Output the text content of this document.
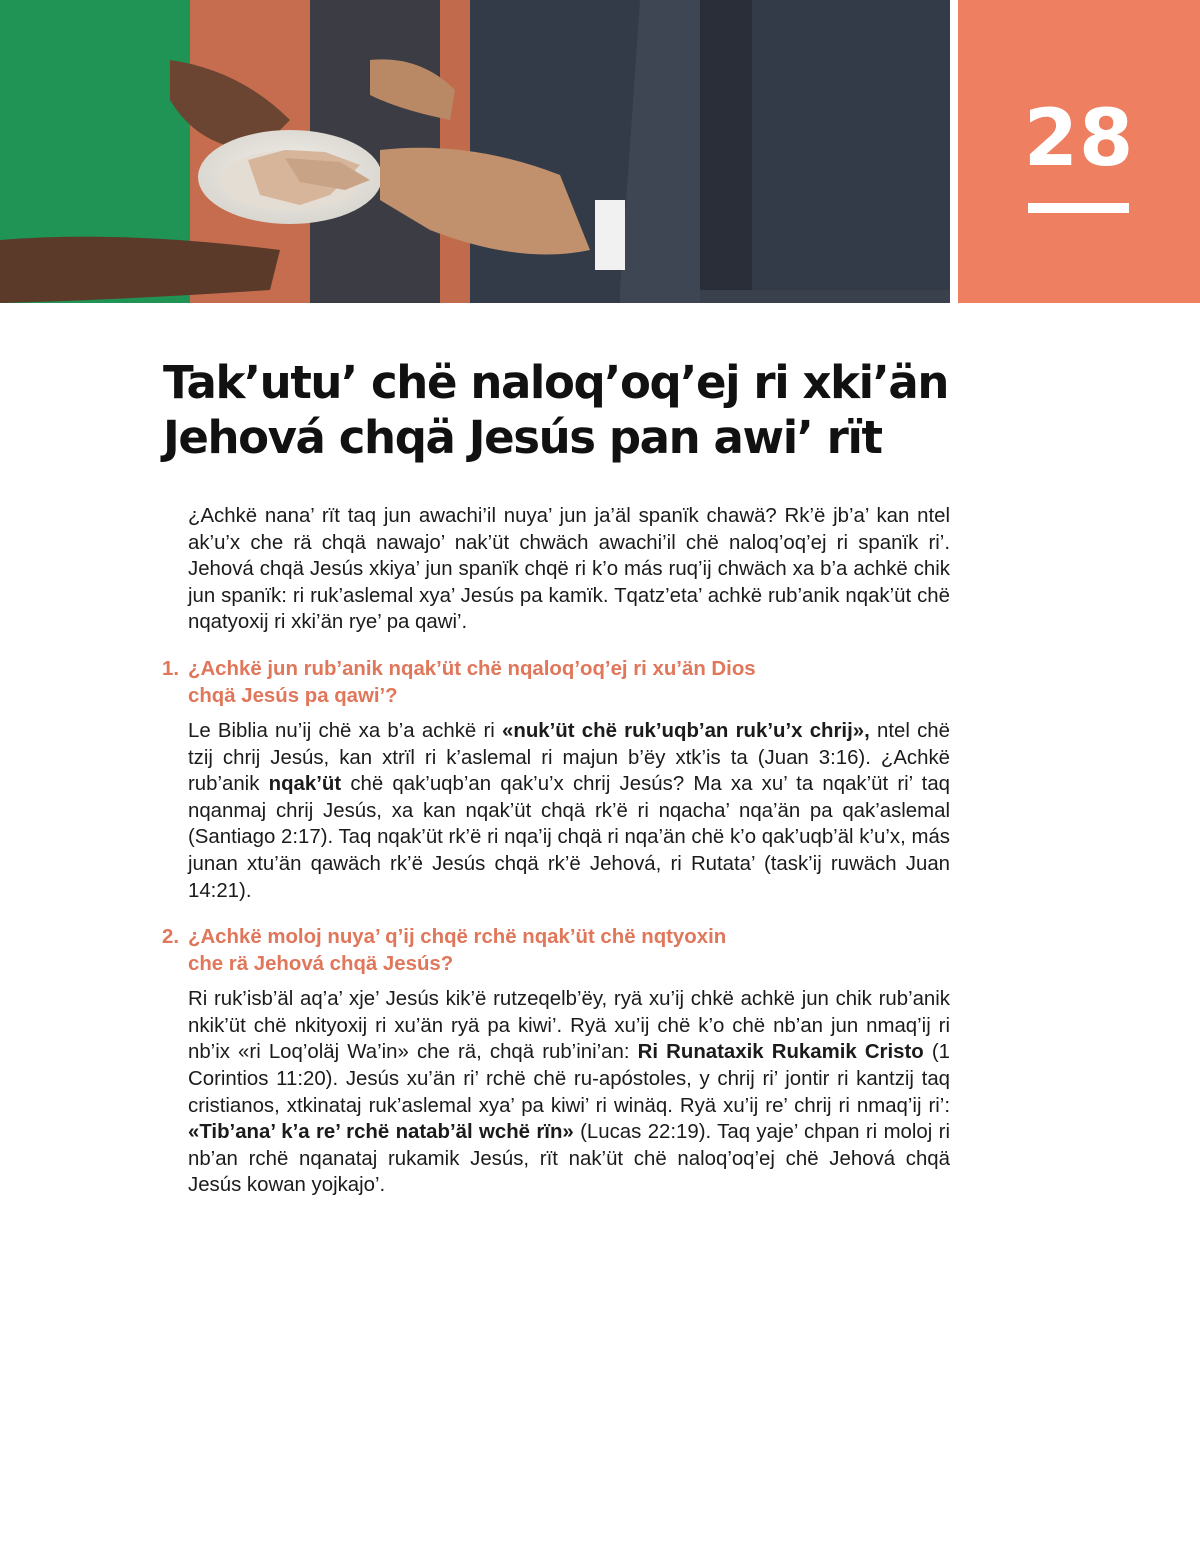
28
Tak’utu’ chë naloq’oq’ej ri xki’än
Jehová chqä Jesús pan awi’ rït

¿Achkë nana’ rït taq jun awachi’il nuya’ jun ja’äl spanïk chawä? Rk’ë jb’a’ kan ntel ak’u’x che rä chqä nawajo’ nak’üt chwäch awachi’il chë naloq’oq’ej ri spanïk ri’. Jehová chqä Jesús xkiya’ jun spanïk chqë ri k’o más ruq’ij chwäch xa b’a achkë chik jun spanïk: ri ruk’aslemal xya’ Jesús pa kamïk. Tqatz’eta’ achkë rub’anik nqak’üt chë nqatyoxij ri xki’än rye’ pa qawi’.

1. ¿Achkë jun rub’anik nqak’üt chë nqaloq’oq’ej ri xu’än Dios
chqä Jesús pa qawi’?

Le Biblia nu’ij chë xa b’a achkë ri «nuk’üt chë ruk’uqb’an ruk’u’x chrij», ntel chë tzij chrij Jesús, kan xtrïl ri k’aslemal ri majun b’ëy xtk’is ta (Juan 3:16). ¿Achkë rub’anik nqak’üt chë qak’uqb’an qak’u’x chrij Jesús? Ma xa xu’ ta nqak’üt ri’ taq nqanmaj chrij Jesús, xa kan nqak’üt chqä rk’ë ri nqacha’ nqa’än pa qak’aslemal (Santiago 2:17). Taq nqak’üt rk’ë ri nqa’ij chqä ri nqa’än chë k’o qak’uqb’äl k’u’x, más junan xtu’än qawäch rk’ë Jesús chqä rk’ë Jehová, ri Rutata’ (task’ij ruwäch Juan 14:21).

2. ¿Achkë moloj nuya’ q’ij chqë rchë nqak’üt chë nqtyoxin
che rä Jehová chqä Jesús?

Ri ruk’isb’äl aq’a’ xje’ Jesús kik’ë rutzeqelb’ëy, ryä xu’ij chkë achkë jun chik rub’anik nkik’üt chë nkityoxij ri xu’än ryä pa kiwi’. Ryä xu’ij chë k’o chë nb’an jun nmaq’ij ri nb’ix «ri Loq’oläj Wa’in» che rä, chqä rub’ini’an: Ri Runataxik Rukamik Cristo (1 Corintios 11:20). Jesús xu’än ri’ rchë chë ru-apóstoles, y chrij ri’ jontir ri kantzij taq cristianos, xtkinataj ruk’aslemal xya’ pa kiwi’ ri winäq. Ryä xu’ij re’ chrij ri nmaq’ij ri’: «Tib’ana’ k’a re’ rchë natab’äl wchë rïn» (Lucas 22:19). Taq yaje’ chpan ri moloj ri nb’an rchë nqanataj rukamik Jesús, rït nak’üt chë naloq’oq’ej chë Jehová chqä Jesús kowan yojkajo’.
